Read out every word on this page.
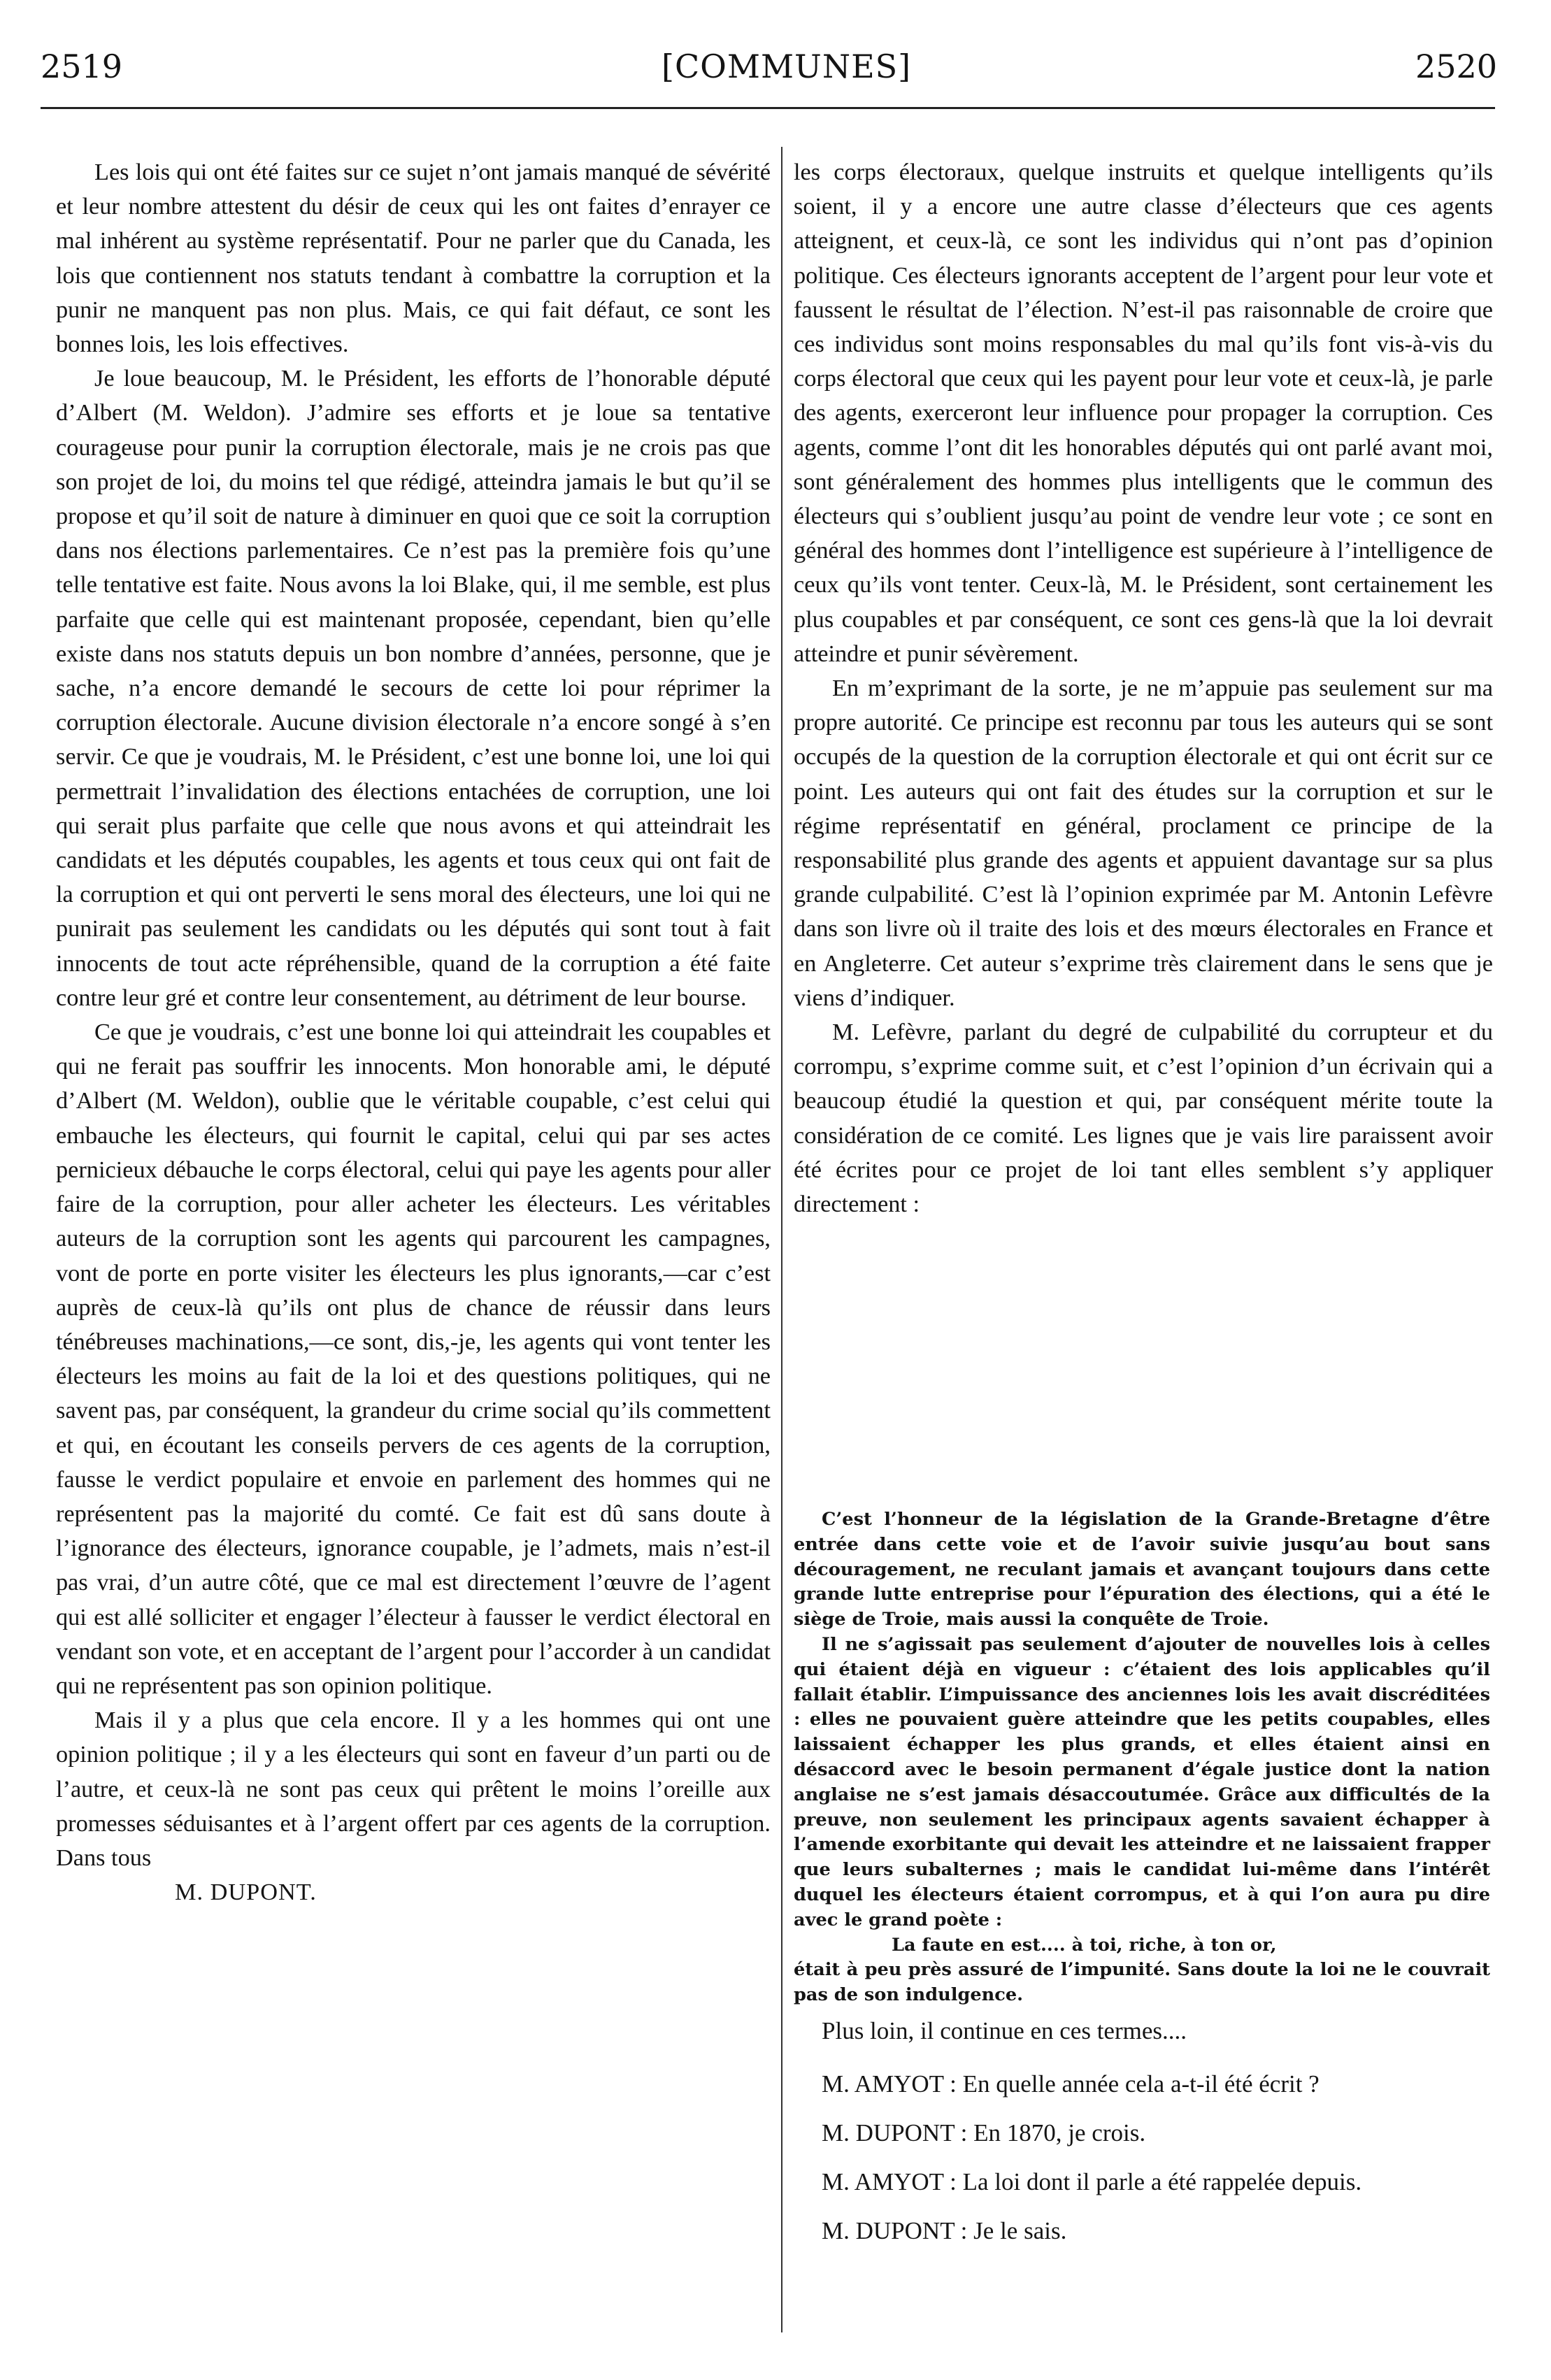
2519	[COMMUNES]	2520

Les lois qui ont été faites sur ce sujet n’ont jamais manqué de sévérité et leur nombre attestent du désir de ceux qui les ont faites d’enrayer ce mal inhérent au système représentatif. Pour ne parler que du Canada, les lois que contiennent nos statuts tendant à combattre la corruption et la punir ne manquent pas non plus. Mais, ce qui fait défaut, ce sont les bonnes lois, les lois effectives.

Je loue beaucoup, M. le Président, les efforts de l’honorable député d’Albert (M. Weldon). J’admire ses efforts et je loue sa tentative courageuse pour punir la corruption électorale, mais je ne crois pas que son projet de loi, du moins tel que rédigé, atteindra jamais le but qu’il se propose et qu’il soit de nature à diminuer en quoi que ce soit la corruption dans nos élections parlementaires. Ce n’est pas la première fois qu’une telle tentative est faite. Nous avons la loi Blake, qui, il me semble, est plus parfaite que celle qui est maintenant proposée, cependant, bien qu’elle existe dans nos statuts depuis un bon nombre d’années, personne, que je sache, n’a encore demandé le secours de cette loi pour réprimer la corruption électorale. Aucune division électorale n’a encore songé à s’en servir. Ce que je voudrais, M. le Président, c’est une bonne loi, une loi qui permettrait l’invalidation des élections entachées de corruption, une loi qui serait plus parfaite que celle que nous avons et qui atteindrait les candidats et les députés coupables, les agents et tous ceux qui ont fait de la corruption et qui ont perverti le sens moral des électeurs, une loi qui ne punirait pas seulement les candidats ou les députés qui sont tout à fait innocents de tout acte répréhensible, quand de la corruption a été faite contre leur gré et contre leur consentement, au détriment de leur bourse.

Ce que je voudrais, c’est une bonne loi qui atteindrait les coupables et qui ne ferait pas souffrir les innocents. Mon honorable ami, le député d’Albert (M. Weldon), oublie que le véritable coupable, c’est celui qui embauche les électeurs, qui fournit le capital, celui qui par ses actes pernicieux débauche le corps électoral, celui qui paye les agents pour aller faire de la corruption, pour aller acheter les électeurs. Les véritables auteurs de la corruption sont les agents qui parcourent les campagnes, vont de porte en porte visiter les électeurs les plus ignorants,—car c’est auprès de ceux-là qu’ils ont plus de chance de réussir dans leurs ténébreuses machinations,—ce sont, dis,-je, les agents qui vont tenter les électeurs les moins au fait de la loi et des questions politiques, qui ne savent pas, par conséquent, la grandeur du crime social qu’ils commettent et qui, en écoutant les conseils pervers de ces agents de la corruption, fausse le verdict populaire et envoie en parlement des hommes qui ne représentent pas la majorité du comté. Ce fait est dû sans doute à l’ignorance des électeurs, ignorance coupable, je l’admets, mais n’est-il pas vrai, d’un autre côté, que ce mal est directement l’œuvre de l’agent qui est allé solliciter et engager l’électeur à fausser le verdict électoral en vendant son vote, et en acceptant de l’argent pour l’accorder à un candidat qui ne représentent pas son opinion politique.

Mais il y a plus que cela encore. Il y a les hommes qui ont une opinion politique ; il y a les électeurs qui sont en faveur d’un parti ou de l’autre, et ceux-là ne sont pas ceux qui prêtent le moins l’oreille aux promesses séduisantes et à l’argent offert par ces agents de la corruption. Dans tous

M. DUPONT.

les corps électoraux, quelque instruits et quelque intelligents qu’ils soient, il y a encore une autre classe d’électeurs que ces agents atteignent, et ceux-là, ce sont les individus qui n’ont pas d’opinion politique. Ces électeurs ignorants acceptent de l’argent pour leur vote et faussent le résultat de l’élection. N’est-il pas raisonnable de croire que ces individus sont moins responsables du mal qu’ils font vis-à-vis du corps électoral que ceux qui les payent pour leur vote et ceux-là, je parle des agents, exerceront leur influence pour propager la corruption. Ces agents, comme l’ont dit les honorables députés qui ont parlé avant moi, sont généralement des hommes plus intelligents que le commun des électeurs qui s’oublient jusqu’au point de vendre leur vote ; ce sont en général des hommes dont l’intelligence est supérieure à l’intelligence de ceux qu’ils vont tenter. Ceux-là, M. le Président, sont certainement les plus coupables et par conséquent, ce sont ces gens-là que la loi devrait atteindre et punir sévèrement.

En m’exprimant de la sorte, je ne m’appuie pas seulement sur ma propre autorité. Ce principe est reconnu par tous les auteurs qui se sont occupés de la question de la corruption électorale et qui ont écrit sur ce point. Les auteurs qui ont fait des études sur la corruption et sur le régime représentatif en général, proclament ce principe de la responsabilité plus grande des agents et appuient davantage sur sa plus grande culpabilité. C’est là l’opinion exprimée par M. Antonin Lefèvre dans son livre où il traite des lois et des mœurs électorales en France et en Angleterre. Cet auteur s’exprime très clairement dans le sens que je viens d’indiquer.

M. Lefèvre, parlant du degré de culpabilité du corrupteur et du corrompu, s’exprime comme suit, et c’est l’opinion d’un écrivain qui a beaucoup étudié la question et qui, par conséquent mérite toute la considération de ce comité. Les lignes que je vais lire paraissent avoir été écrites pour ce projet de loi tant elles semblent s’y appliquer directement :

C’est l’honneur de la législation de la Grande-Bretagne d’être entrée dans cette voie et de l’avoir suivie jusqu’au bout sans découragement, ne reculant jamais et avançant toujours dans cette grande lutte entreprise pour l’épuration des élections, qui a été le siège de Troie, mais aussi la conquête de Troie.

Il ne s’agissait pas seulement d’ajouter de nouvelles lois à celles qui étaient déjà en vigueur : c’étaient des lois applicables qu’il fallait établir. L’impuissance des anciennes lois les avait discréditées : elles ne pouvaient guère atteindre que les petits coupables, elles laissaient échapper les plus grands, et elles étaient ainsi en désaccord avec le besoin permanent d’égale justice dont la nation anglaise ne s’est jamais désaccoutumée. Grâce aux difficultés de la preuve, non seulement les principaux agents savaient échapper à l’amende exorbitante qui devait les atteindre et ne laissaient frapper que leurs subalternes ; mais le candidat lui-même dans l’intérêt duquel les électeurs étaient corrompus, et à qui l’on aura pu dire avec le grand poète :

La faute en est.... à toi, riche, à ton or,

était à peu près assuré de l’impunité. Sans doute la loi ne le couvrait pas de son indulgence.

Plus loin, il continue en ces termes....

M. AMYOT : En quelle année cela a-t-il été écrit ?

M. DUPONT : En 1870, je crois.

M. AMYOT : La loi dont il parle a été rappelée depuis.

M. DUPONT : Je le sais.
